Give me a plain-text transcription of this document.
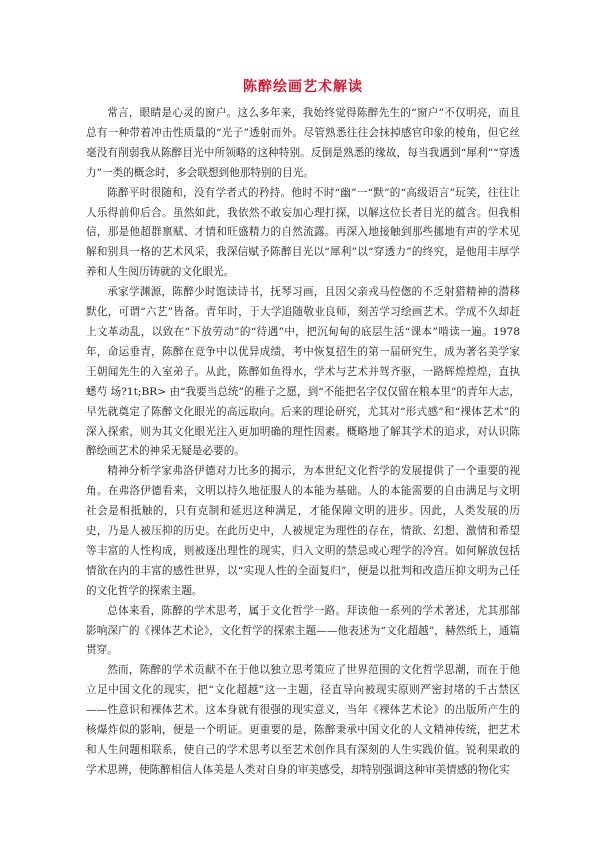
陈醉绘画艺术解读

常言，眼睛是心灵的窗户。这么多年来，我始终觉得陈醉先生的“窗户”不仅明亮，而且总有一种带着冲击性质量的“光子”透射而外。尽管熟悉往往会抹掉感官印象的棱角，但它丝毫没有削弱我从陈醉目光中所领略的这种特别。反倒是熟悉的缘故，每当我遇到“犀利”“穿透力”一类的概念时，多会联想到他那特别的目光。

陈醉平时很随和，没有学者式的矜持。他时不时“幽”一“默”的“高级语言”玩笑，往往让人乐得前仰后合。虽然如此，我依然不敢妄加心理打探，以解这位长者目光的蕴含。但我相信，那是他超群禀赋、才情和旺盛精力的自然流露。再深入地接触到那些挪地有声的学术见解和别具一格的艺术风采，我深信赋予陈醉目光以“犀利”以“穿透力”的终究，是他用丰厚学养和人生阅历铸就的文化眼光。

承家学渊源，陈醉少时饱读诗书，抚琴习画，且因父亲戎马倥偬的不乏射猎精神的潜移默化，可谓“六艺”皆备。青年时，于大学追随敬业良师，刻苦学习绘画艺术。学成不久却赶上文革动乱，以致在“下放劳动”的“待遇”中，把沉甸甸的底层生活“课本”啃读一遍。1978年，命运垂青，陈醉在竞争中以优异成绩，考中恢复招生的第一届研究生，成为著名美学家王朝闻先生的入室弟子。从此，陈醉如鱼得水，学术与艺术并驾齐驱，一路辉煌煌煌，直执蟋芍 场?1t;BR> 由“我要当总统”的稚子之愿，到“不能把名字仅仅留在粮本里”的青年大志，早先就奠定了陈醉文化眼光的高远取向。后来的理论研究，尤其对“形式感”和“裸体艺术”的深入探索，则为其文化眼光注入更加明确的理性因素。概略地了解其学术的追求，对认识陈醉绘画艺术的神采无疑是必要的。

精神分析学家弗洛伊德对力比多的揭示，为本世纪文化哲学的发展提供了一个重要的视角。在弗洛伊德看来，文明以持久地征服人的本能为基础。人的本能需要的自由满足与文明社会是相抵触的，只有克制和延迟这种满足，才能保障文明的进步。因此，人类发展的历史，乃是人被压抑的历史。在此历史中，人被规定为理性的存在，情欲、幻想、激情和希望等丰富的人性构成，则被逐出理性的现实，归入文明的禁忌或心理学的冷宫。如何解放包括情欲在内的丰富的感性世界，以“实现人性的全面复归”，便是以批判和改造压抑文明为己任的文化哲学的探索主题。

总体来看，陈醉的学术思考，属于文化哲学一路。拜读他一系列的学术著述，尤其那部影响深广的《裸体艺术论》，文化哲学的探索主题——他表述为“文化超越”，赫然纸上，通篇贯穿。

然而，陈醉的学术贡献不在于他以独立思考策应了世界范围的文化哲学思潮，而在于他立足中国文化的现实，把“文化超越”这一主题，径直导向被现实原则严密封堵的千古禁区——性意识和裸体艺术。这本身就有很强的现实意义，当年《裸体艺术论》的出版所产生的核爆炸似的影响，便是一个明证。更重要的是，陈醉秉承中国文化的人文精神传统，把艺术和人生问题相联系，使自己的学术思考以至艺术创作具有深刻的人生实践价值。锐利果敢的学术思辨，使陈醉相信人体美是人类对自身的审美感受，却特别强调这种审美情感的物化实
